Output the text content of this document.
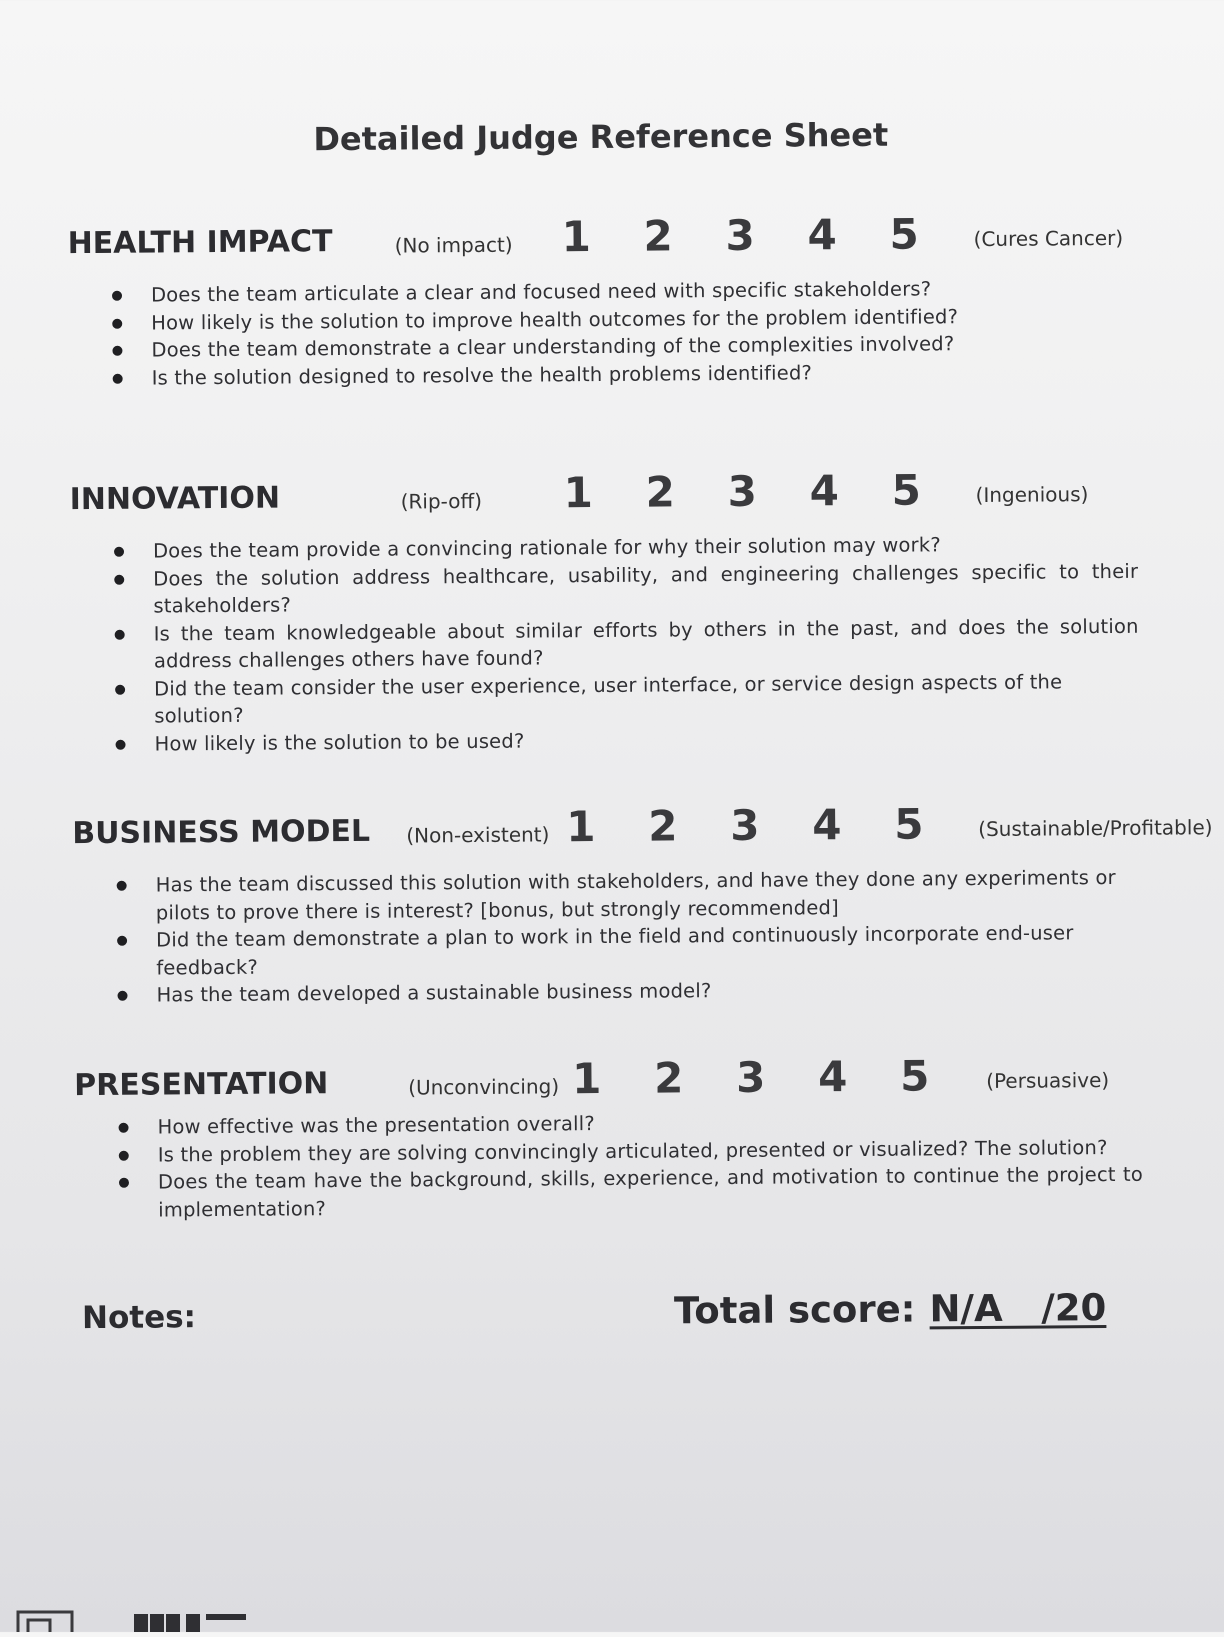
Detailed Judge Reference Sheet
HEALTH IMPACT	(No impact) 1	2	3	4	5	(Cures Cancer)
Does the team articulate a clear and focused need with specific stakeholders?
How likely is the solution to improve health outcomes for the problem identified?
Does the team demonstrate a clear understanding of the complexities involved?
Is the solution designed to resolve the health problems identified?
INNOVATION	(Rip-off) 1	2	3	4	5	(Ingenious)
Does the team provide a convincing rationale for why their solution may work?
Does the solution address healthcare, usability, and engineering challenges specific to their stakeholders?
Is the team knowledgeable about similar efforts by others in the past, and does the solution address challenges others have found?
Did the team consider the user experience, user interface, or service design aspects of the solution?
How likely is the solution to be used?
BUSINESS MODEL (Non-existent) 1	2	3	4	5	(Sustainable/Profitable)
Has the team discussed this solution with stakeholders, and have they done any experiments or pilots to prove there is interest? [bonus, but strongly recommended]
Did the team demonstrate a plan to work in the field and continuously incorporate end-user feedback?
Has the team developed a sustainable business model?
PRESENTATION	(Unconvincing) 1	2	3	4	5	(Persuasive)
How effective was the presentation overall?
Is the problem they are solving convincingly articulated, presented or visualized? The solution?
Does the team have the background, skills, experience, and motivation to continue the project to implementation?
Notes:	Total score: N/A   /20
